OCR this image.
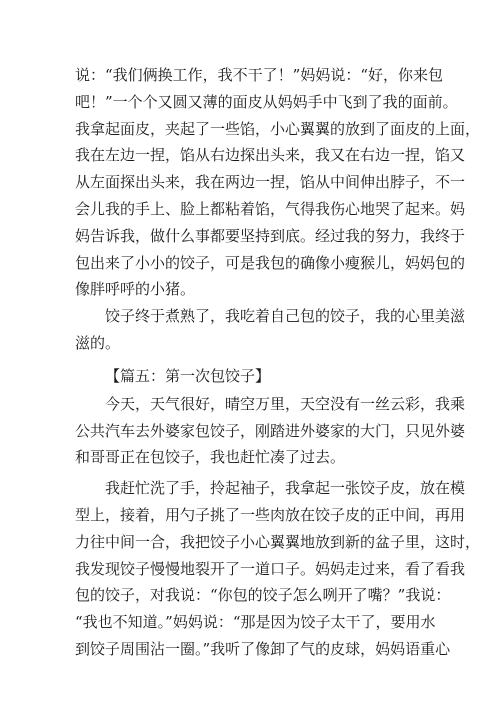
说：“我们俩换工作，我不干了！”妈妈说：“好，你来包
吧！”一个个又圆又薄的面皮从妈妈手中飞到了我的面前。
我拿起面皮，夹起了一些馅，小心翼翼的放到了面皮的上面，
我在左边一捏，馅从右边探出头来，我又在右边一捏，馅又
从左面探出头来，我在两边一捏，馅从中间伸出脖子，不一
会儿我的手上、脸上都粘着馅，气得我伤心地哭了起来。妈
妈告诉我，做什么事都要坚持到底。经过我的努力，我终于
包出来了小小的饺子，可是我包的确像小瘦猴儿，妈妈包的
像胖呼呼的小猪。
饺子终于煮熟了，我吃着自己包的饺子，我的心里美滋
滋的。
【篇五：第一次包饺子】
今天，天气很好，晴空万里，天空没有一丝云彩，我乘
公共汽车去外婆家包饺子，刚踏进外婆家的大门，只见外婆
和哥哥正在包饺子，我也赶忙凑了过去。
我赶忙洗了手，拎起袖子，我拿起一张饺子皮，放在模
型上，接着，用勺子挑了一些肉放在饺子皮的正中间，再用
力往中间一合，我把饺子小心翼翼地放到新的盆子里，这时，
我发现饺子慢慢地裂开了一道口子。妈妈走过来，看了看我
包的饺子，对我说：“你包的饺子怎么咧开了嘴？”我说：
“我也不知道。”妈妈说：“那是因为饺子太干了，要用水
到饺子周围沾一圈。”我听了像卸了气的皮球，妈妈语重心
